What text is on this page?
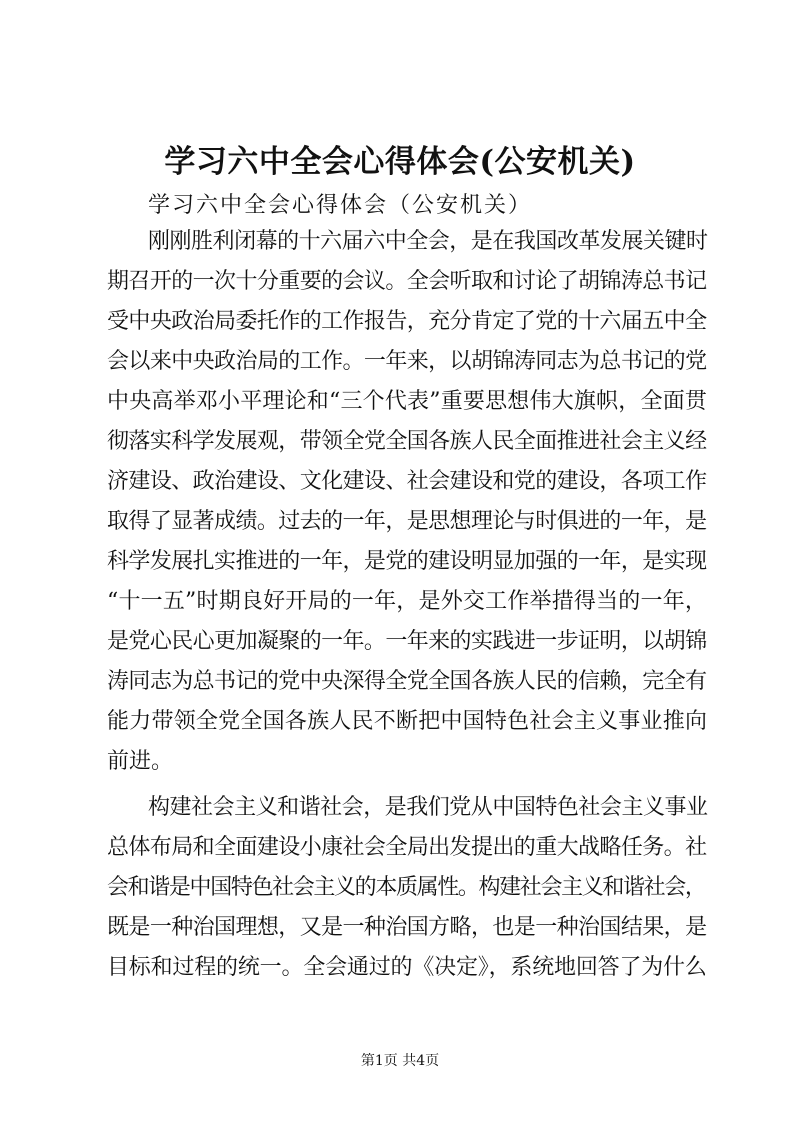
学习六中全会心得体会(公安机关)
学习六中全会心得体会（公安机关）
刚刚胜利闭幕的十六届六中全会，是在我国改革发展关键时
期召开的一次十分重要的会议。全会听取和讨论了胡锦涛总书记
受中央政治局委托作的工作报告，充分肯定了党的十六届五中全
会以来中央政治局的工作。一年来，以胡锦涛同志为总书记的党
中央高举邓小平理论和“三个代表”重要思想伟大旗帜，全面贯
彻落实科学发展观，带领全党全国各族人民全面推进社会主义经
济建设、政治建设、文化建设、社会建设和党的建设，各项工作
取得了显著成绩。过去的一年，是思想理论与时俱进的一年，是
科学发展扎实推进的一年，是党的建设明显加强的一年，是实现
“十一五”时期良好开局的一年，是外交工作举措得当的一年，
是党心民心更加凝聚的一年。一年来的实践进一步证明，以胡锦
涛同志为总书记的党中央深得全党全国各族人民的信赖，完全有
能力带领全党全国各族人民不断把中国特色社会主义事业推向
前进。
构建社会主义和谐社会，是我们党从中国特色社会主义事业
总体布局和全面建设小康社会全局出发提出的重大战略任务。社
会和谐是中国特色社会主义的本质属性。构建社会主义和谐社会，
既是一种治国理想，又是一种治国方略，也是一种治国结果，是
目标和过程的统一。全会通过的《决定》，系统地回答了为什么
第1页 共4页
